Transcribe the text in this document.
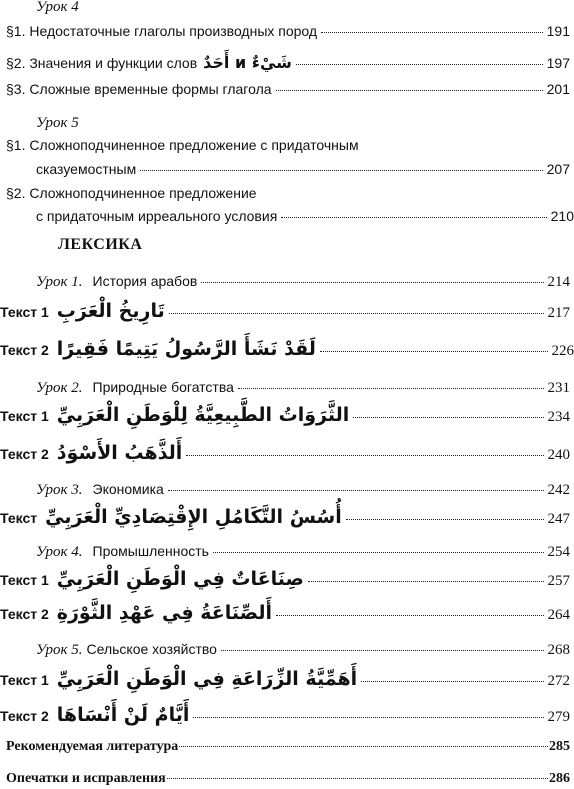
Урок 4
§1. Недостаточные глаголы производных пород	191
§2. Значения и функции слов شَيْءٌ и أَحَدٌ	197
§3. Сложные временные формы глагола	201
Урок 5
§1. Сложноподчиненное предложение с придаточным
сказуемостным	207
§2. Сложноподчиненное предложение
с придаточным ирреального условия	210
ЛЕКСИКА
Урок 1. История арабов	214
Текст 1 تَارِيخُ الْعَرَبِ	217
Текст 2 لَقَدْ نَشَأَ الرَّسُولُ يَتِيمًا فَقِيرًا	226
Урок 2. Природные богатства	231
Текст 1 الثَّرَوَاتُ الطَّبِيعِيَّةُ لِلْوَطَنِ الْعَرَبِيِّ	234
Текст 2 أَلذَّهَبُ الأَسْوَدُ	240
Урок 3. Экономика	242
Текст أُسُسُ التَّكَامُلِ الإِقْتِصَادِيِّ الْعَرَبِيِّ	247
Урок 4. Промышленность	254
Текст 1 صِنَاعَاتٌ فِي الْوَطَنِ الْعَرَبِيِّ	257
Текст 2 أَلصِّنَاعَةُ فِي عَهْدِ الثَّوْرَةِ	264
Урок 5. Сельское хозяйство	268
Текст 1 أَهَمِّيَّةُ الزِّرَاعَةِ فِي الْوَطَنِ الْعَرَبِيِّ	272
Текст 2 أَيَّامٌ لَنْ أَنْسَاهَا	279
Рекомендуемая литература	285
Опечатки и исправления	286
